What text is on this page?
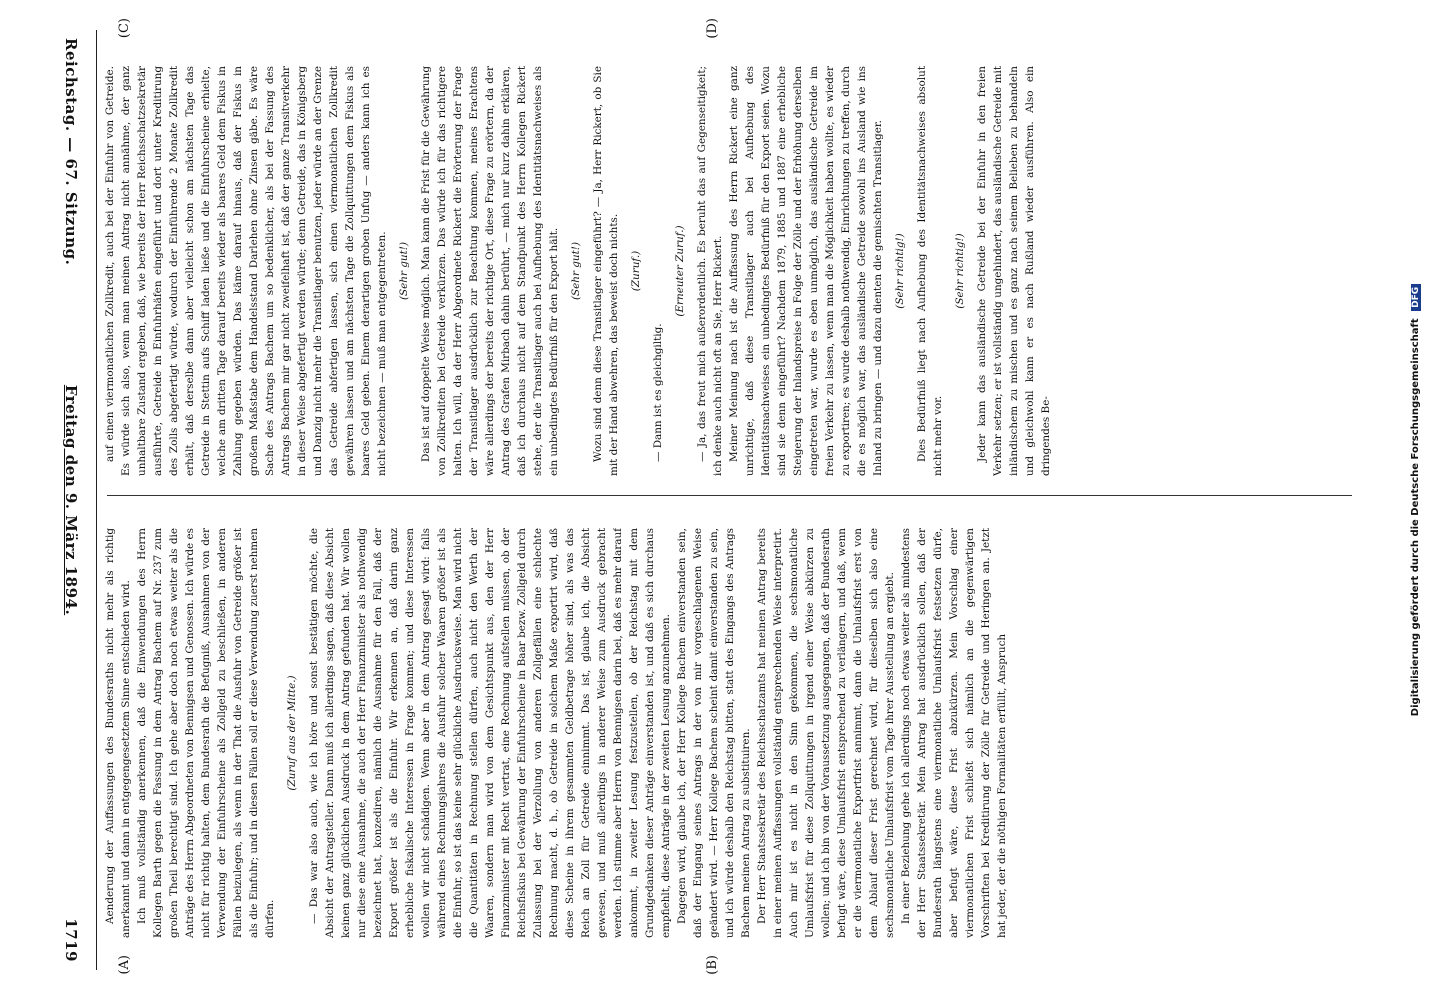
Digitalisierung gefördert durch die Deutsche Forschungsgemeinschaft DFG
Reichstag. — 67. Sitzung.
Freitag den 9. März 1894.
1719
(A)	(B)
(C)	(D)

Aenderung der Auffassungen des Bundesraths nicht mehr als richtig anerkannt und dann in entgegengesetztem Sinne entschieden wird. Ich muß vollständig anerkennen, daß die Einwendungen des Herrn Kollegen Barth gegen die Fassung in dem Antrag Bachem auf Nr. 237 zum großen Theil berechtigt sind. Ich gehe aber doch noch etwas weiter als die Anträge des Herrn Abgeordneten von Bennigsen und Genossen. Ich würde es nicht für richtig halten, dem Bundesrath die Befugniß, Ausnahmen von der Verwendung der Einfuhrscheine als Zollgeld zu beschließen, in anderen Fällen beizulegen, als wenn in der That die Ausfuhr von Getreide größer ist als die Einfuhr; und in diesen Fällen soll er diese Verwendung zuerst nehmen dürfen.

(Zuruf aus der Mitte.) — Das war also auch, wie ich höre und sonst bestätigen möchte, die Absicht der Antragsteller. Dann muß ich allerdings sagen, daß diese Absicht keinen ganz glücklichen Ausdruck in dem Antrag gefunden hat. Wir wollen nur diese eine Ausnahme, die auch der Herr Finanzminister als nothwendig bezeichnet hat, konzediren, nämlich die Ausnahme für den Fall, daß der Export größer ist als die Einfuhr. Wir erkennen an, daß darin ganz erhebliche fiskalische Interessen in Frage kommen; und diese Interessen wollen wir nicht schädigen. Wenn aber in dem Antrag gesagt wird: falls während eines Rechnungsjahres die Ausfuhr solcher Waaren größer ist als die Einfuhr, so ist das keine sehr glückliche Ausdrucksweise. Man wird nicht die Quantitäten in Rechnung stellen dürfen, auch nicht den Werth der Waaren, sondern man wird von dem Gesichtspunkt aus, den der Herr Finanzminister mit Recht vertrat, eine Rechnung aufstellen müssen, ob der Reichsfiskus bei Gewährung der Einfuhrscheine in Baar bezw. Zollgeld durch Zulassung bei der Verzollung von anderen Zollgefällen eine schlechte Rechnung macht, d. h., ob Getreide in solchem Maße exportirt wird, daß diese Scheine in ihrem gesammten Geldbetrage höher sind, als was das Reich an Zoll für Getreide einnimmt. Das ist, glaube ich, die Absicht gewesen, und muß allerdings in anderer Weise zum Ausdruck gebracht werden. Ich stimme aber Herrn von Bennigsen darin bei, daß es mehr darauf ankommt, in zweiter Lesung festzustellen, ob der Reichstag mit dem Grundgedanken dieser Anträge einverstanden ist, und daß es sich durchaus empfiehlt, diese Anträge in der zweiten Lesung anzunehmen. Dagegen wird, glaube ich, der Herr Kollege Bachem einverstanden sein, daß der Eingang seines Antrags in der von mir vorgeschlagenen Weise geändert wird. — Herr Kollege Bachem scheint damit einverstanden zu sein, und ich würde deshalb den Reichstag bitten, statt des Eingangs des Antrags Bachem meinen Antrag zu substituiren. Der Herr Staatssekretär des Reichsschatzamts hat meinen Antrag bereits in einer meinen Auffassungen vollständig entsprechenden Weise interpretirt. Auch mir ist es nicht in den Sinn gekommen, die sechsmonatliche Umlaufsfrist für diese Zollquittungen in irgend einer Weise abkürzen zu wollen; und ich bin von der Voraussetzung ausgegangen, daß der Bundesrath befugt wäre, diese Umlaufsfrist entsprechend zu verlängern, und daß, wenn er die viermonatliche Exportfrist annimmt, dann die Umlaufsfrist erst von dem Ablauf dieser Frist gerechnet wird, für dieselben sich also eine sechsmonatliche Umlaufsfrist vom Tage ihrer Ausstellung an ergiebt. In einer Beziehung gehe ich allerdings noch etwas weiter als mindestens der Herr Staatssekretär. Mein Antrag hat ausdrücklich sollen, daß der Bundesrath längstens eine viermonatliche Umlaufsfrist festsetzen dürfe, aber befugt wäre, diese Frist abzukürzen. Mein Vorschlag einer viermonatlichen Frist schließt sich nämlich an die gegenwärtigen Vorschriften bei Kreditirung der Zölle für Getreide und Heringen an. Jetzt hat jeder, der die nöthigen Formalitäten erfüllt, Anspruch

auf einen viermonatlichen Zollkredit, auch bei der Einfuhr von Getreide. Es würde sich also, wenn man meinen Antrag nicht annähme, der ganz unhaltbare Zustand ergeben, daß, wie bereits der Herr Reichsschatzsekretär ausführte, Getreide in Einfuhrhäfen eingeführt und dort unter Kreditirung des Zolls abgefertigt würde, wodurch der Einführende 2 Monate Zollkredit erhält, daß derselbe dann aber vielleicht schon am nächsten Tage das Getreide in Stettin aufs Schiff laden ließe und die Einfuhrscheine erhielte, welche am dritten Tage darauf bereits wieder als baares Geld dem Fiskus in Zahlung gegeben würden. Das käme darauf hinaus, daß der Fiskus in großem Maßstabe dem Handelsstand Darlehen ohne Zinsen gäbe. Es wäre Sache des Antrags Bachem um so bedenklicher, als bei der Fassung des Antrags Bachem mir gar nicht zweifelhaft ist, daß der ganze Transitverkehr in dieser Weise abgefertigt werden würde; denn Getreide, das in Königsberg und Danzig nicht mehr die Transitlager benutzen, jeder würde an der Grenze das Getreide abfertigen lassen, sich einen viermonatlichen Zollkredit gewähren lassen und am nächsten Tage die Zollquittungen dem Fiskus als baares Geld geben. Einem derartigen groben Unfug — anders kann ich es nicht bezeichnen — muß man entgegentreten. (Sehr gut!) Das ist auf doppelte Weise möglich. Man kann die Frist für die Gewährung von Zollkrediten bei Getreide verkürzen. Das würde ich für das richtigere halten. Ich will, da der Herr Abgeordnete Rickert die Erörterung der Frage der Transitlager ausdrücklich zur Beachtung kommen, meines Erachtens wäre allerdings der bereits der richtige Ort, diese Frage zu erörtern, da der Antrag des Grafen Mirbach dahin berührt, — mich nur kurz dahin erklären, daß ich durchaus nicht auf dem Standpunkt des Herrn Kollegen Rickert stehe, der die Transitlager auch bei Aufhebung des Identitätsnachweises als ein unbedingtes Bedürfniß für den Export hält. (Sehr gut!) Wozu sind denn diese Transitlager eingeführt? — Ja, Herr Rickert, ob Sie mit der Hand abwehren, das beweist doch nichts. (Zuruf.)

— Dann ist es gleichgiltig.

(Erneuter Zuruf.) — Ja, das freut mich außerordentlich. Es beruht das auf Gegenseitigkeit; ich denke auch nicht oft an Sie, Herr Rickert. Meiner Meinung nach ist die Auffassung des Herrn Rickert eine ganz unrichtige, daß diese Transitlager auch bei Aufhebung des Identitätsnachweises ein unbedingtes Bedürfniß für den Export seien. Wozu sind sie denn eingeführt? Nachdem 1879, 1885 und 1887 eine erhebliche Steigerung der Inlandspreise in Folge der Zölle und der Erhöhung derselben eingetreten war, wurde es eben unmöglich, das ausländische Getreide im freien Verkehr zu lassen, wenn man die Möglichkeit haben wollte, es wieder zu exportiren; es wurde deshalb nothwendig, Einrichtungen zu treffen, durch die es möglich war, das ausländische Getreide sowohl ins Ausland wie ins Inland zu bringen — und dazu dienten die gemischten Transitlager. (Sehr richtig!) Dies Bedürfniß liegt nach Aufhebung des Identitätsnachweises absolut nicht mehr vor.

(Sehr richtig!) Jeder kann das ausländische Getreide bei der Einfuhr in den freien Verkehr setzen; er ist vollständig ungehindert, das ausländische Getreide mit inländischem zu mischen und es ganz nach seinem Belieben zu behandeln und gleichwohl kann er es nach Rußland wieder ausführen. Also ein dringendes Be-
